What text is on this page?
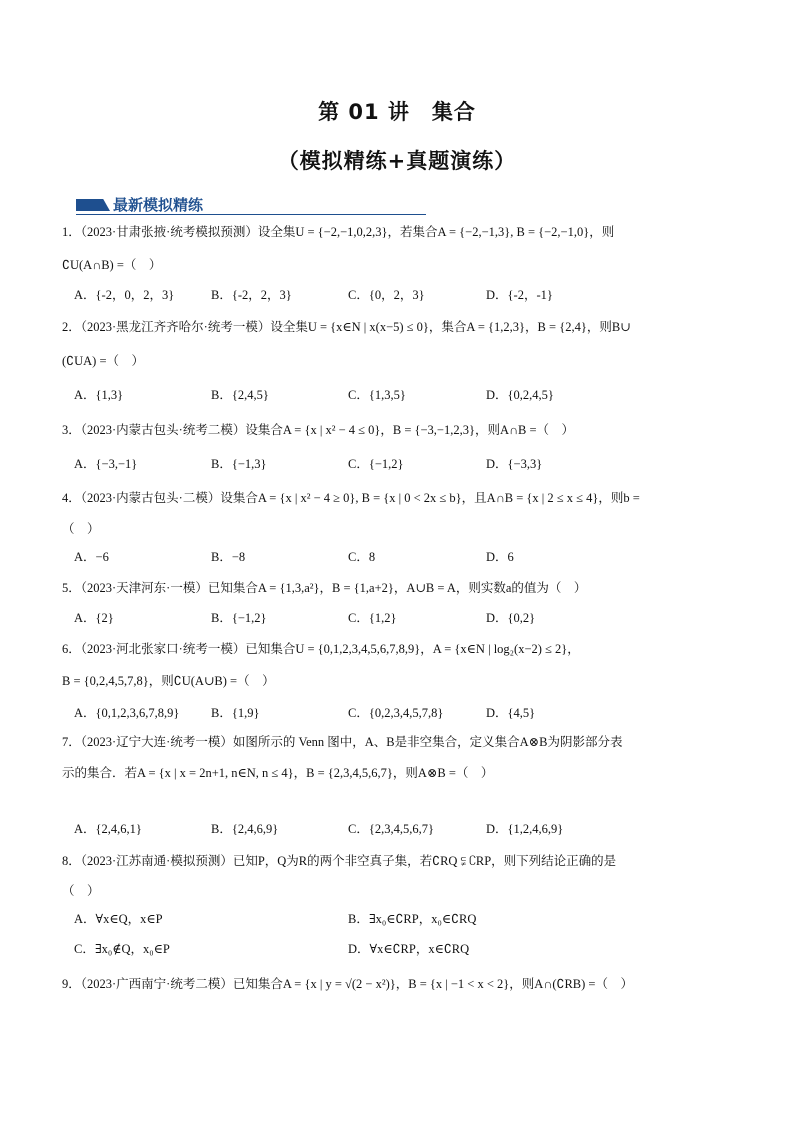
第 01 讲　集合
（模拟精练+真题演练）
最新模拟精练
1．（2023·甘肃张掖·统考模拟预测）设全集U = {−2,−1,0,2,3}，若集合A = {−2,−1,3}, B = {−2,−1,0}，则
∁U(A∩B) =（　）
A．{-2，0，2，3}	B．{-2，2，3}	C．{0，2，3}	D．{-2，-1}
2．（2023·黑龙江齐齐哈尔·统考一模）设全集U = {x∈N | x(x−5) ≤ 0}，集合A = {1,2,3}，B = {2,4}，则B∪
(∁UA) =（　）
A．{1,3}	B．{2,4,5}	C．{1,3,5}	D．{0,2,4,5}
3．（2023·内蒙古包头·统考二模）设集合A = {x | x² − 4 ≤ 0}，B = {−3,−1,2,3}，则A∩B =（　）
A．{−3,−1}	B．{−1,3}	C．{−1,2}	D．{−3,3}
4．（2023·内蒙古包头·二模）设集合A = {x | x² − 4 ≥ 0}, B = {x | 0 < 2x ≤ b}，且A∩B = {x | 2 ≤ x ≤ 4}，则b =
（　）
A．−6	B．−8	C．8	D．6
5．（2023·天津河东·一模）已知集合A = {1,3,a²}，B = {1,a+2}，A∪B = A，则实数a的值为（　）
A．{2}	B．{−1,2}	C．{1,2}	D．{0,2}
6．（2023·河北张家口·统考一模）已知集合U = {0,1,2,3,4,5,6,7,8,9}，A = {x∈N | log₂(x−2) ≤ 2}，
B = {0,2,4,5,7,8}，则∁U(A∪B) =（　）
A．{0,1,2,3,6,7,8,9}	B．{1,9}	C．{0,2,3,4,5,7,8}	D．{4,5}
7．（2023·辽宁大连·统考一模）如图所示的 Venn 图中，A、B是非空集合，定义集合A⊗B为阴影部分表
示的集合．若A = {x | x = 2n+1, n∈N, n ≤ 4}，B = {2,3,4,5,6,7}，则A⊗B =（　）
A．{2,4,6,1}	B．{2,4,6,9}	C．{2,3,4,5,6,7}	D．{1,2,4,6,9}
8．（2023·江苏南通·模拟预测）已知P，Q为R的两个非空真子集，若∁RQ ⫋ ∁RP，则下列结论正确的是
（　）
A．∀x∈Q，x∈P	B．∃x₀∈∁RP，x₀∈∁RQ
C．∃x₀∉Q，x₀∈P	D．∀x∈∁RP，x∈∁RQ
9．（2023·广西南宁·统考二模）已知集合A = {x | y = √(2 − x²)}，B = {x | −1 < x < 2}，则A∩(∁RB) =（　）
